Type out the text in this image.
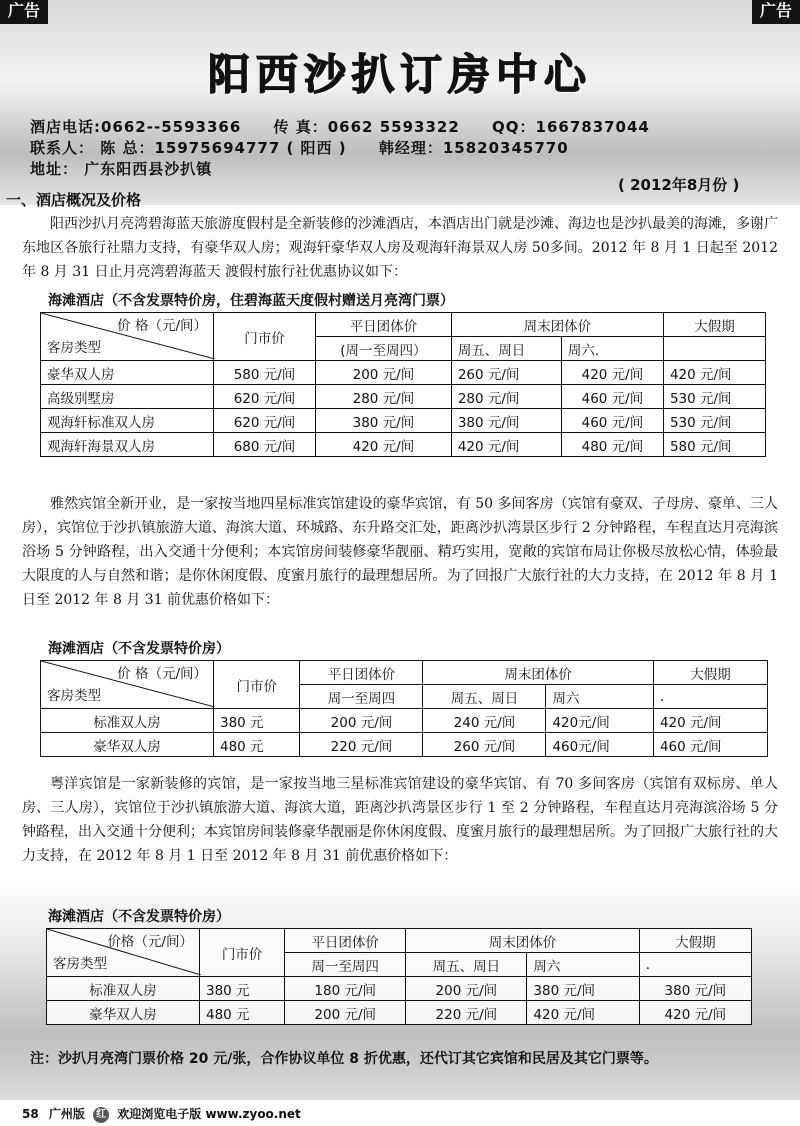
广告	广告
阳西沙扒订房中心
酒店电话:0662--5593366 传 真：0662 5593322 QQ：1667837044
联系人： 陈 总：15975694777 ( 阳西 ) 韩经理：15820345770
地址： 广东阳西县沙扒镇
( 2012年8月份 )
一、酒店概况及价格
阳西沙扒月亮湾碧海蓝天旅游度假村是全新装修的沙滩酒店，本酒店出门就是沙滩、海边也是沙扒最美的海滩，多谢广东地区各旅行社鼎力支持，有豪华双人房；观海轩豪华双人房及观海轩海景双人房 50多间。2012 年 8 月 1 日起至 2012 年 8 月 31 日止月亮湾碧海蓝天 渡假村旅行社优惠协议如下：
海滩酒店（不含发票特价房，住碧海蓝天度假村赠送月亮湾门票）
价 格（元/间）
客房类型	门市价	平日团体价	周末团体价		大假期
		(周一至周四）	周五、周日	周六.	
豪华双人房	580 元/间	200 元/间	260 元/间	420 元/间	420 元/间
高级别墅房	620 元/间	280 元/间	280 元/间	460 元/间	530 元/间
观海轩标准双人房	620 元/间	380 元/间	380 元/间	460 元/间	530 元/间
观海轩海景双人房	680 元/间	420 元/间	420 元/间	480 元/间	580 元/间
雅然宾馆全新开业，是一家按当地四星标准宾馆建设的豪华宾馆，有 50 多间客房（宾馆有豪双、子母房、豪单、三人房），宾馆位于沙扒镇旅游大道、海滨大道、环城路、东升路交汇处，距离沙扒湾景区步行 2 分钟路程，车程直达月亮海滨浴场 5 分钟路程，出入交通十分便利；本宾馆房间装修豪华靓丽、精巧实用，宽敞的宾馆布局让你极尽放松心情，体验最大限度的人与自然和谐；是你休闲度假、度蜜月旅行的最理想居所。为了回报广大旅行社的大力支持，在 2012 年 8 月 1 日至 2012 年 8 月 31 前优惠价格如下：
海滩酒店（不含发票特价房）
价 格（元/间）
客房类型	门市价	平日团体价	周末团体价		大假期
		周一至周四	周五、周日	周六	.
标准双人房	380 元	200 元/间	240 元/间	420元/间	420 元/间
豪华双人房	480 元	220 元/间	260 元/间	460元/间	460 元/间
粤洋宾馆是一家新装修的宾馆，是一家按当地三星标准宾馆建设的豪华宾馆、有 70 多间客房（宾馆有双标房、单人房、三人房），宾馆位于沙扒镇旅游大道、海滨大道，距离沙扒湾景区步行 1 至 2 分钟路程，车程直达月亮海滨浴场 5 分钟路程，出入交通十分便利；本宾馆房间装修豪华靓丽是你休闲度假、度蜜月旅行的最理想居所。为了回报广大旅行社的大力支持，在 2012 年 8 月 1 日至 2012 年 8 月 31 前优惠价格如下：
海滩酒店（不含发票特价房）
价格（元/间）
客房类型	门市价	平日团体价	周末团体价		大假期
		周一至周四	周五、周日	周六	.
标准双人房	380 元	180 元/间	200 元/间	380 元/间	380 元/间
豪华双人房	480 元	200 元/间	220 元/间	420 元/间	420 元/间
注：沙扒月亮湾门票价格 20 元/张，合作协议单位 8 折优惠，还代订其它宾馆和民居及其它门票等。
58 广州版 红 欢迎浏览电子版 www.zyoo.net
